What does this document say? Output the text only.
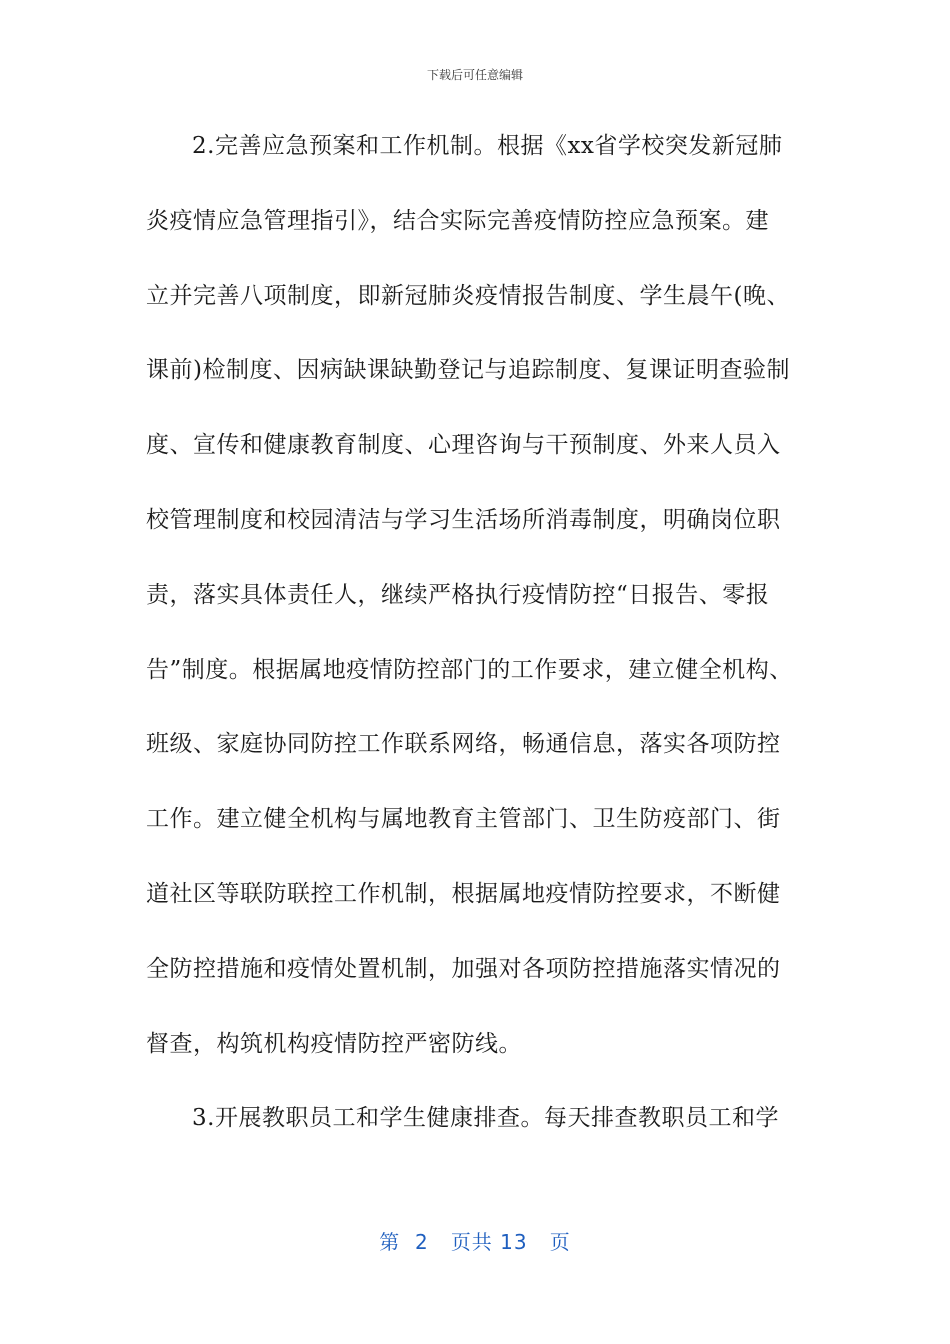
下载后可任意编辑
2.完善应急预案和工作机制。根据《xx省学校突发新冠肺
炎疫情应急管理指引》，结合实际完善疫情防控应急预案。建
立并完善八项制度，即新冠肺炎疫情报告制度、学生晨午(晚、
课前)检制度、因病缺课缺勤登记与追踪制度、复课证明查验制
度、宣传和健康教育制度、心理咨询与干预制度、外来人员入
校管理制度和校园清洁与学习生活场所消毒制度，明确岗位职
责，落实具体责任人，继续严格执行疫情防控“日报告、零报
告”制度。根据属地疫情防控部门的工作要求，建立健全机构、
班级、家庭协同防控工作联系网络，畅通信息，落实各项防控
工作。建立健全机构与属地教育主管部门、卫生防疫部门、街
道社区等联防联控工作机制，根据属地疫情防控要求，不断健
全防控措施和疫情处置机制，加强对各项防控措施落实情况的
督查，构筑机构疫情防控严密防线。
3.开展教职员工和学生健康排查。每天排查教职员工和学
第 2 页共 13 页
